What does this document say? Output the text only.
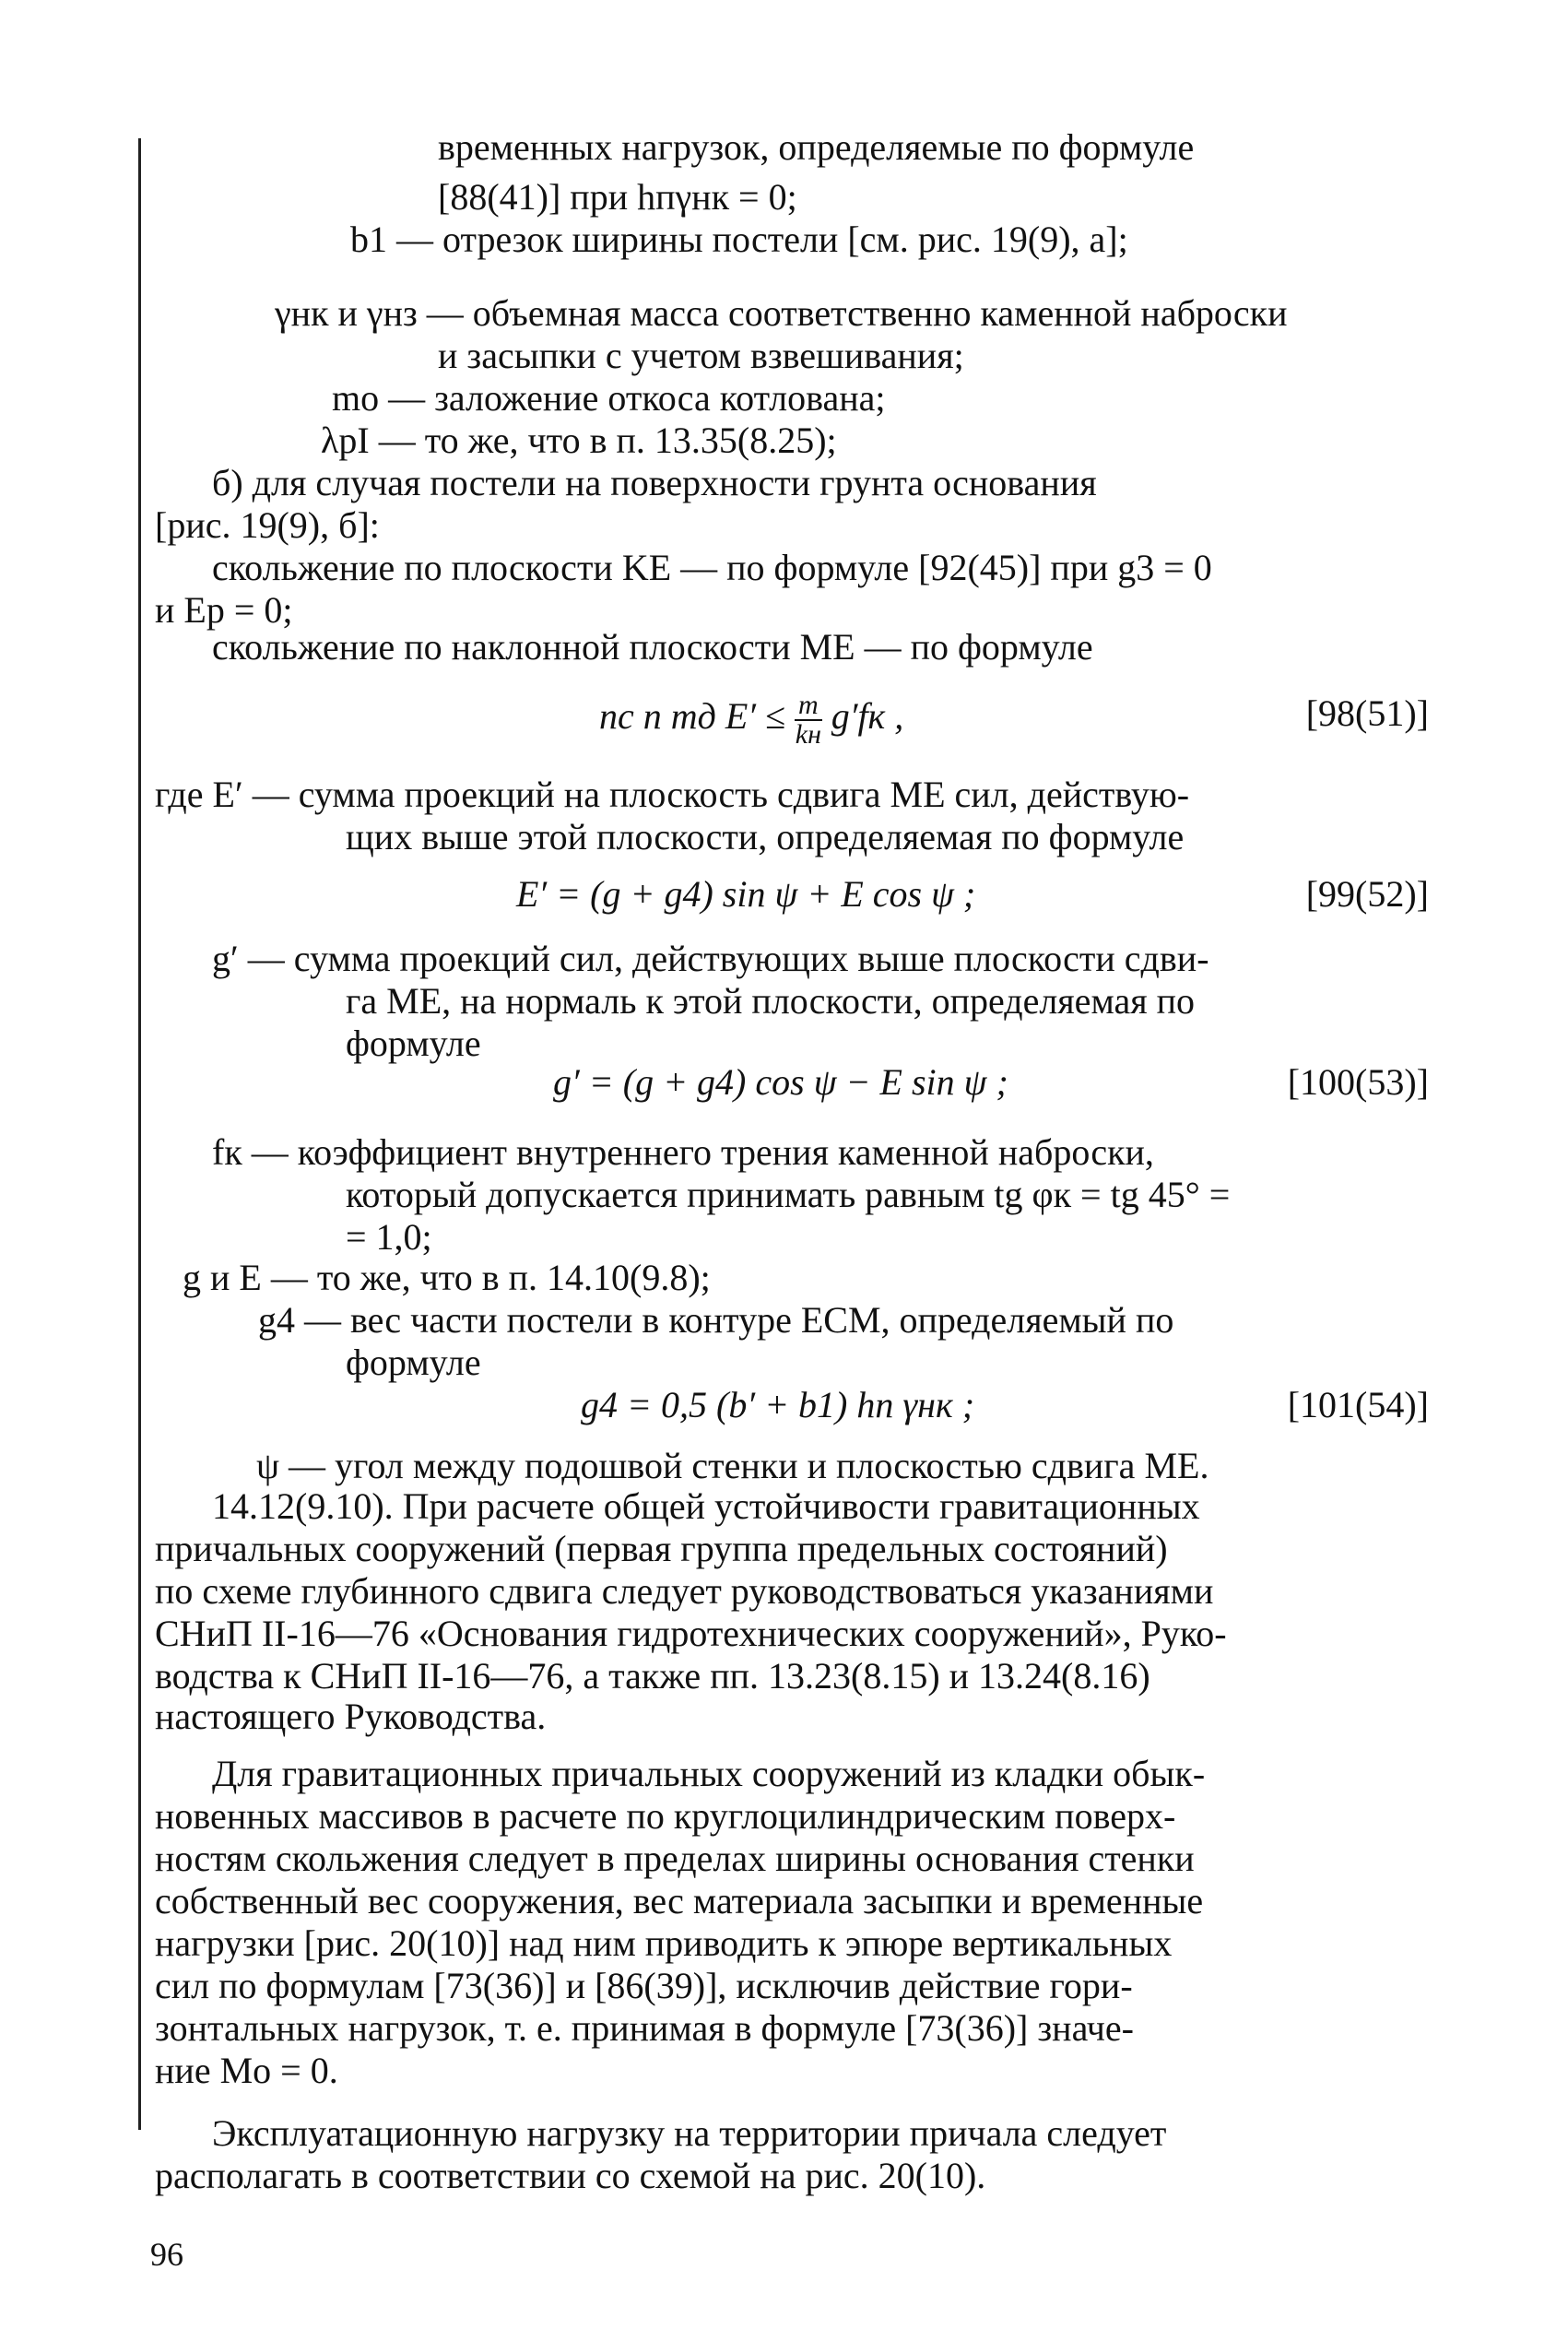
временных нагрузок, определяемые по формуле
[88(41)] при hпγнк = 0;
b1 — отрезок ширины постели [см. рис. 19(9), а];
γнк и γнз — объемная масса соответственно каменной наброски
и засыпки с учетом взвешивания;
mо — заложение откоса котлована;
λрI — то же, что в п. 13.35(8.25);
б) для случая постели на поверхности грунта основания
[рис. 19(9), б]:
скольжение по плоскости KE — по формуле [92(45)] при g3 = 0
и Ep = 0;
скольжение по наклонной плоскости ME — по формуле
nс n mд $E' \le \frac{m}{kн} g'fк$ ,	[98(51)]
где E′ — сумма проекций на плоскость сдвига ME сил, действую-
щих выше этой плоскости, определяемая по формуле
E′ = (g + g4) sin ψ + E cos ψ ;	[99(52)]
g′ — сумма проекций сил, действующих выше плоскости сдви-
га ME, на нормаль к этой плоскости, определяемая по
формуле
g′ = (g + g4) cos ψ − E sin ψ ;	[100(53)]
fк — коэффициент внутреннего трения каменной наброски,
который допускается принимать равным tg φк = tg 45° =
= 1,0;
g и E — то же, что в п. 14.10(9.8);
g4 — вес части постели в контуре ECM, определяемый по
формуле
g4 = 0,5 (b′ + b1) hп γнк ;	[101(54)]
ψ — угол между подошвой стенки и плоскостью сдвига ME.
14.12(9.10). При расчете общей устойчивости гравитационных
причальных сооружений (первая группа предельных состояний)
по схеме глубинного сдвига следует руководствоваться указаниями
СНиП II-16—76 «Основания гидротехнических сооружений», Руко-
водства к СНиП II-16—76, а также пп. 13.23(8.15) и 13.24(8.16)
настоящего Руководства.
Для гравитационных причальных сооружений из кладки обык-
новенных массивов в расчете по круглоцилиндрическим поверх-
ностям скольжения следует в пределах ширины основания стенки
собственный вес сооружения, вес материала засыпки и временные
нагрузки [рис. 20(10)] над ним приводить к эпюре вертикальных
сил по формулам [73(36)] и [86(39)], исключив действие гори-
зонтальных нагрузок, т. е. принимая в формуле [73(36)] значе-
ние Mо = 0.
Эксплуатационную нагрузку на территории причала следует
располагать в соответствии со схемой на рис. 20(10).
96
